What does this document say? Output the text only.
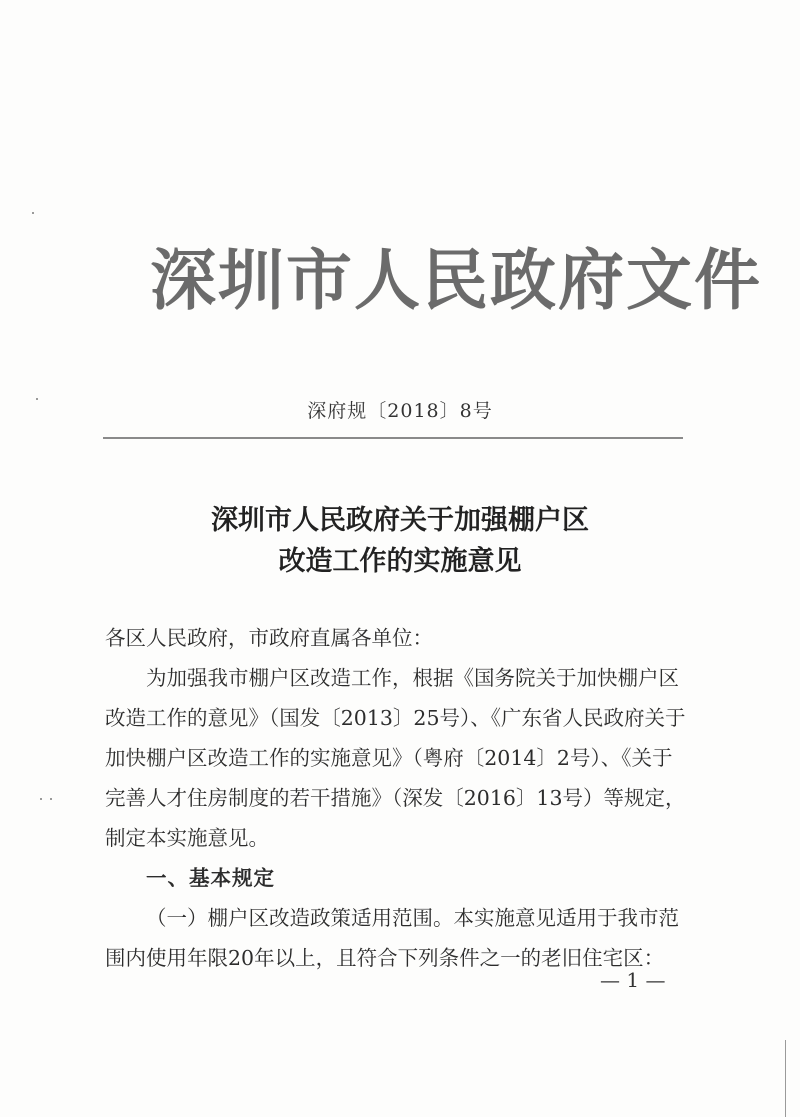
深圳市人民政府文件
深府规〔2018〕8号
深圳市人民政府关于加强棚户区
改造工作的实施意见
各区人民政府，市政府直属各单位：
为加强我市棚户区改造工作，根据《国务院关于加快棚户区
改造工作的意见》（国发〔2013〕25号）、《广东省人民政府关于
加快棚户区改造工作的实施意见》（粤府〔2014〕2号）、《关于
完善人才住房制度的若干措施》（深发〔2016〕13号）等规定，
制定本实施意见。
一、基本规定
（一）棚户区改造政策适用范围。本实施意见适用于我市范
围内使用年限20年以上，且符合下列条件之一的老旧住宅区：
— 1 —
